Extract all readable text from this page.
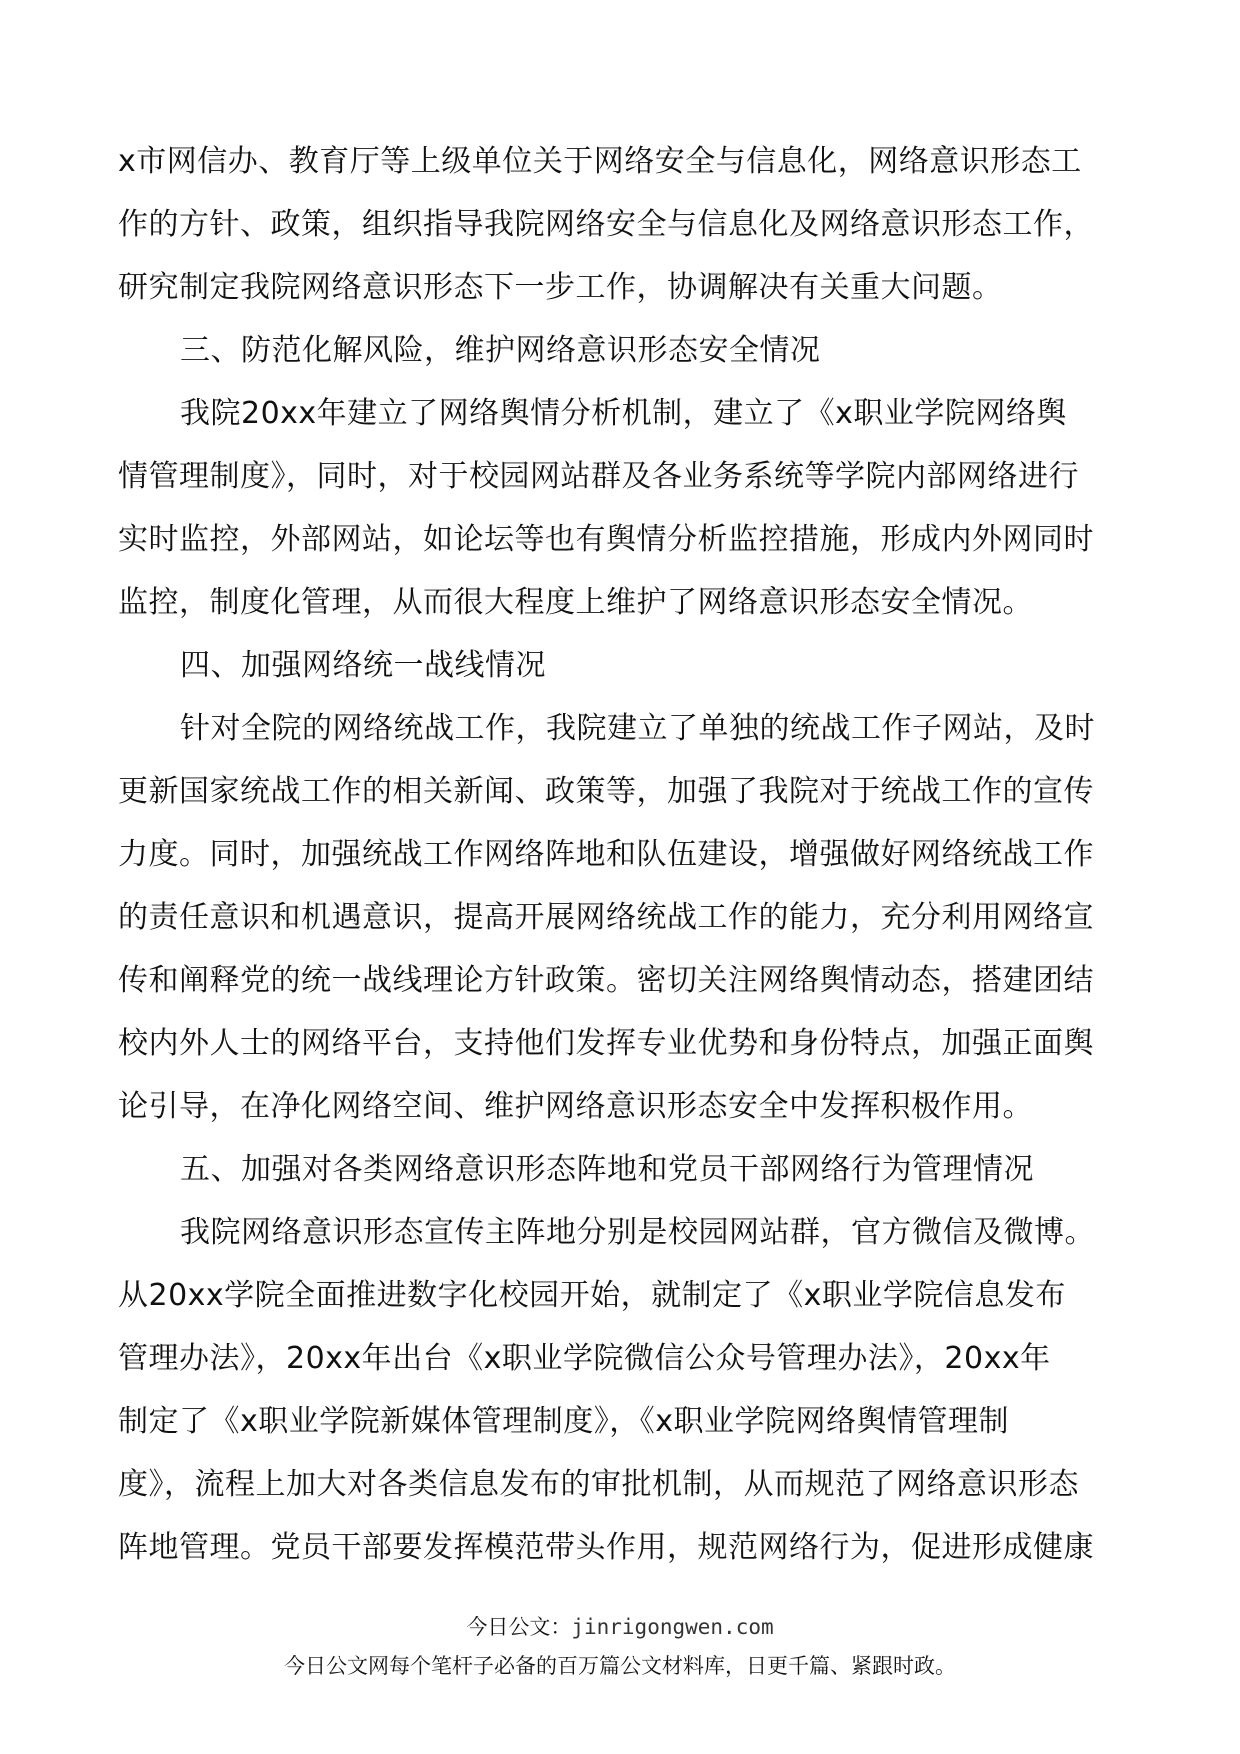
x市网信办、教育厅等上级单位关于网络安全与信息化，网络意识形态工
作的方针、政策，组织指导我院网络安全与信息化及网络意识形态工作，
研究制定我院网络意识形态下一步工作，协调解决有关重大问题。
三、防范化解风险，维护网络意识形态安全情况
我院20xx年建立了网络舆情分析机制，建立了《x职业学院网络舆
情管理制度》，同时，对于校园网站群及各业务系统等学院内部网络进行
实时监控，外部网站，如论坛等也有舆情分析监控措施，形成内外网同时
监控，制度化管理，从而很大程度上维护了网络意识形态安全情况。
四、加强网络统一战线情况
针对全院的网络统战工作，我院建立了单独的统战工作子网站，及时
更新国家统战工作的相关新闻、政策等，加强了我院对于统战工作的宣传
力度。同时，加强统战工作网络阵地和队伍建设，增强做好网络统战工作
的责任意识和机遇意识，提高开展网络统战工作的能力，充分利用网络宣
传和阐释党的统一战线理论方针政策。密切关注网络舆情动态，搭建团结
校内外人士的网络平台，支持他们发挥专业优势和身份特点，加强正面舆
论引导，在净化网络空间、维护网络意识形态安全中发挥积极作用。
五、加强对各类网络意识形态阵地和党员干部网络行为管理情况
我院网络意识形态宣传主阵地分别是校园网站群，官方微信及微博。
从20xx学院全面推进数字化校园开始，就制定了《x职业学院信息发布
管理办法》，20xx年出台《x职业学院微信公众号管理办法》，20xx年
制定了《x职业学院新媒体管理制度》，《x职业学院网络舆情管理制
度》，流程上加大对各类信息发布的审批机制，从而规范了网络意识形态
阵地管理。党员干部要发挥模范带头作用，规范网络行为，促进形成健康
今日公文：jinrigongwen.com
今日公文网每个笔杆子必备的百万篇公文材料库，日更千篇、紧跟时政。
